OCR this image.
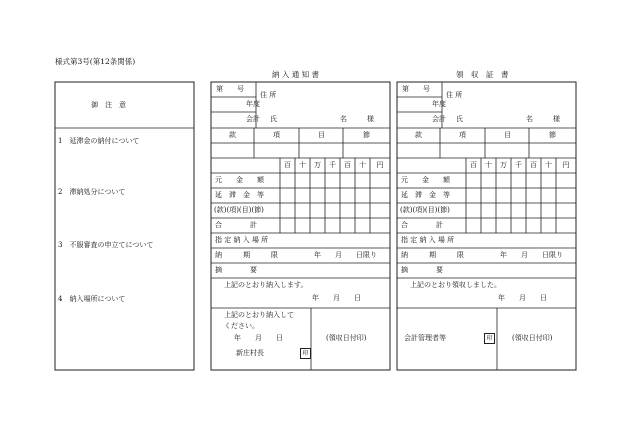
様式第3号(第12条関係)
御　注　意
1　延滞金の納付について
2　滞納処分について
3　不服審査の申立てについて
4　納入場所について
納 入 通 知 書
第　　号
年度
会計
住 所
氏	名	様
款	項	目	節
百	十	万	千	百	十	円
元　　金　　額
延　滞　金　等
(款)(項)(目)(節)
合　　　　計
指 定 納 入 場 所
納　　　期　　　限	年　　月　　日限り
摘　　　　要
上記のとおり納入します。
年　　月　　日
上記のとおり納入して
ください。
年　　月　　日
新庄村長	印
(領収日付印)
領　収　証　書
第　　号
年度
会計
住 所
氏	名	様
款	項	目	節
百	十	万	千	百	十	円
元　　金　　額
延　滞　金　等
(款)(項)(目)(節)
合　　　　計
指 定 納 入 場 所
納　　　期　　　限	年　　月　　日限り
摘　　　　要
上記のとおり領収しました。
年　　月　　日
会計管理者等	印	(領収日付印)
